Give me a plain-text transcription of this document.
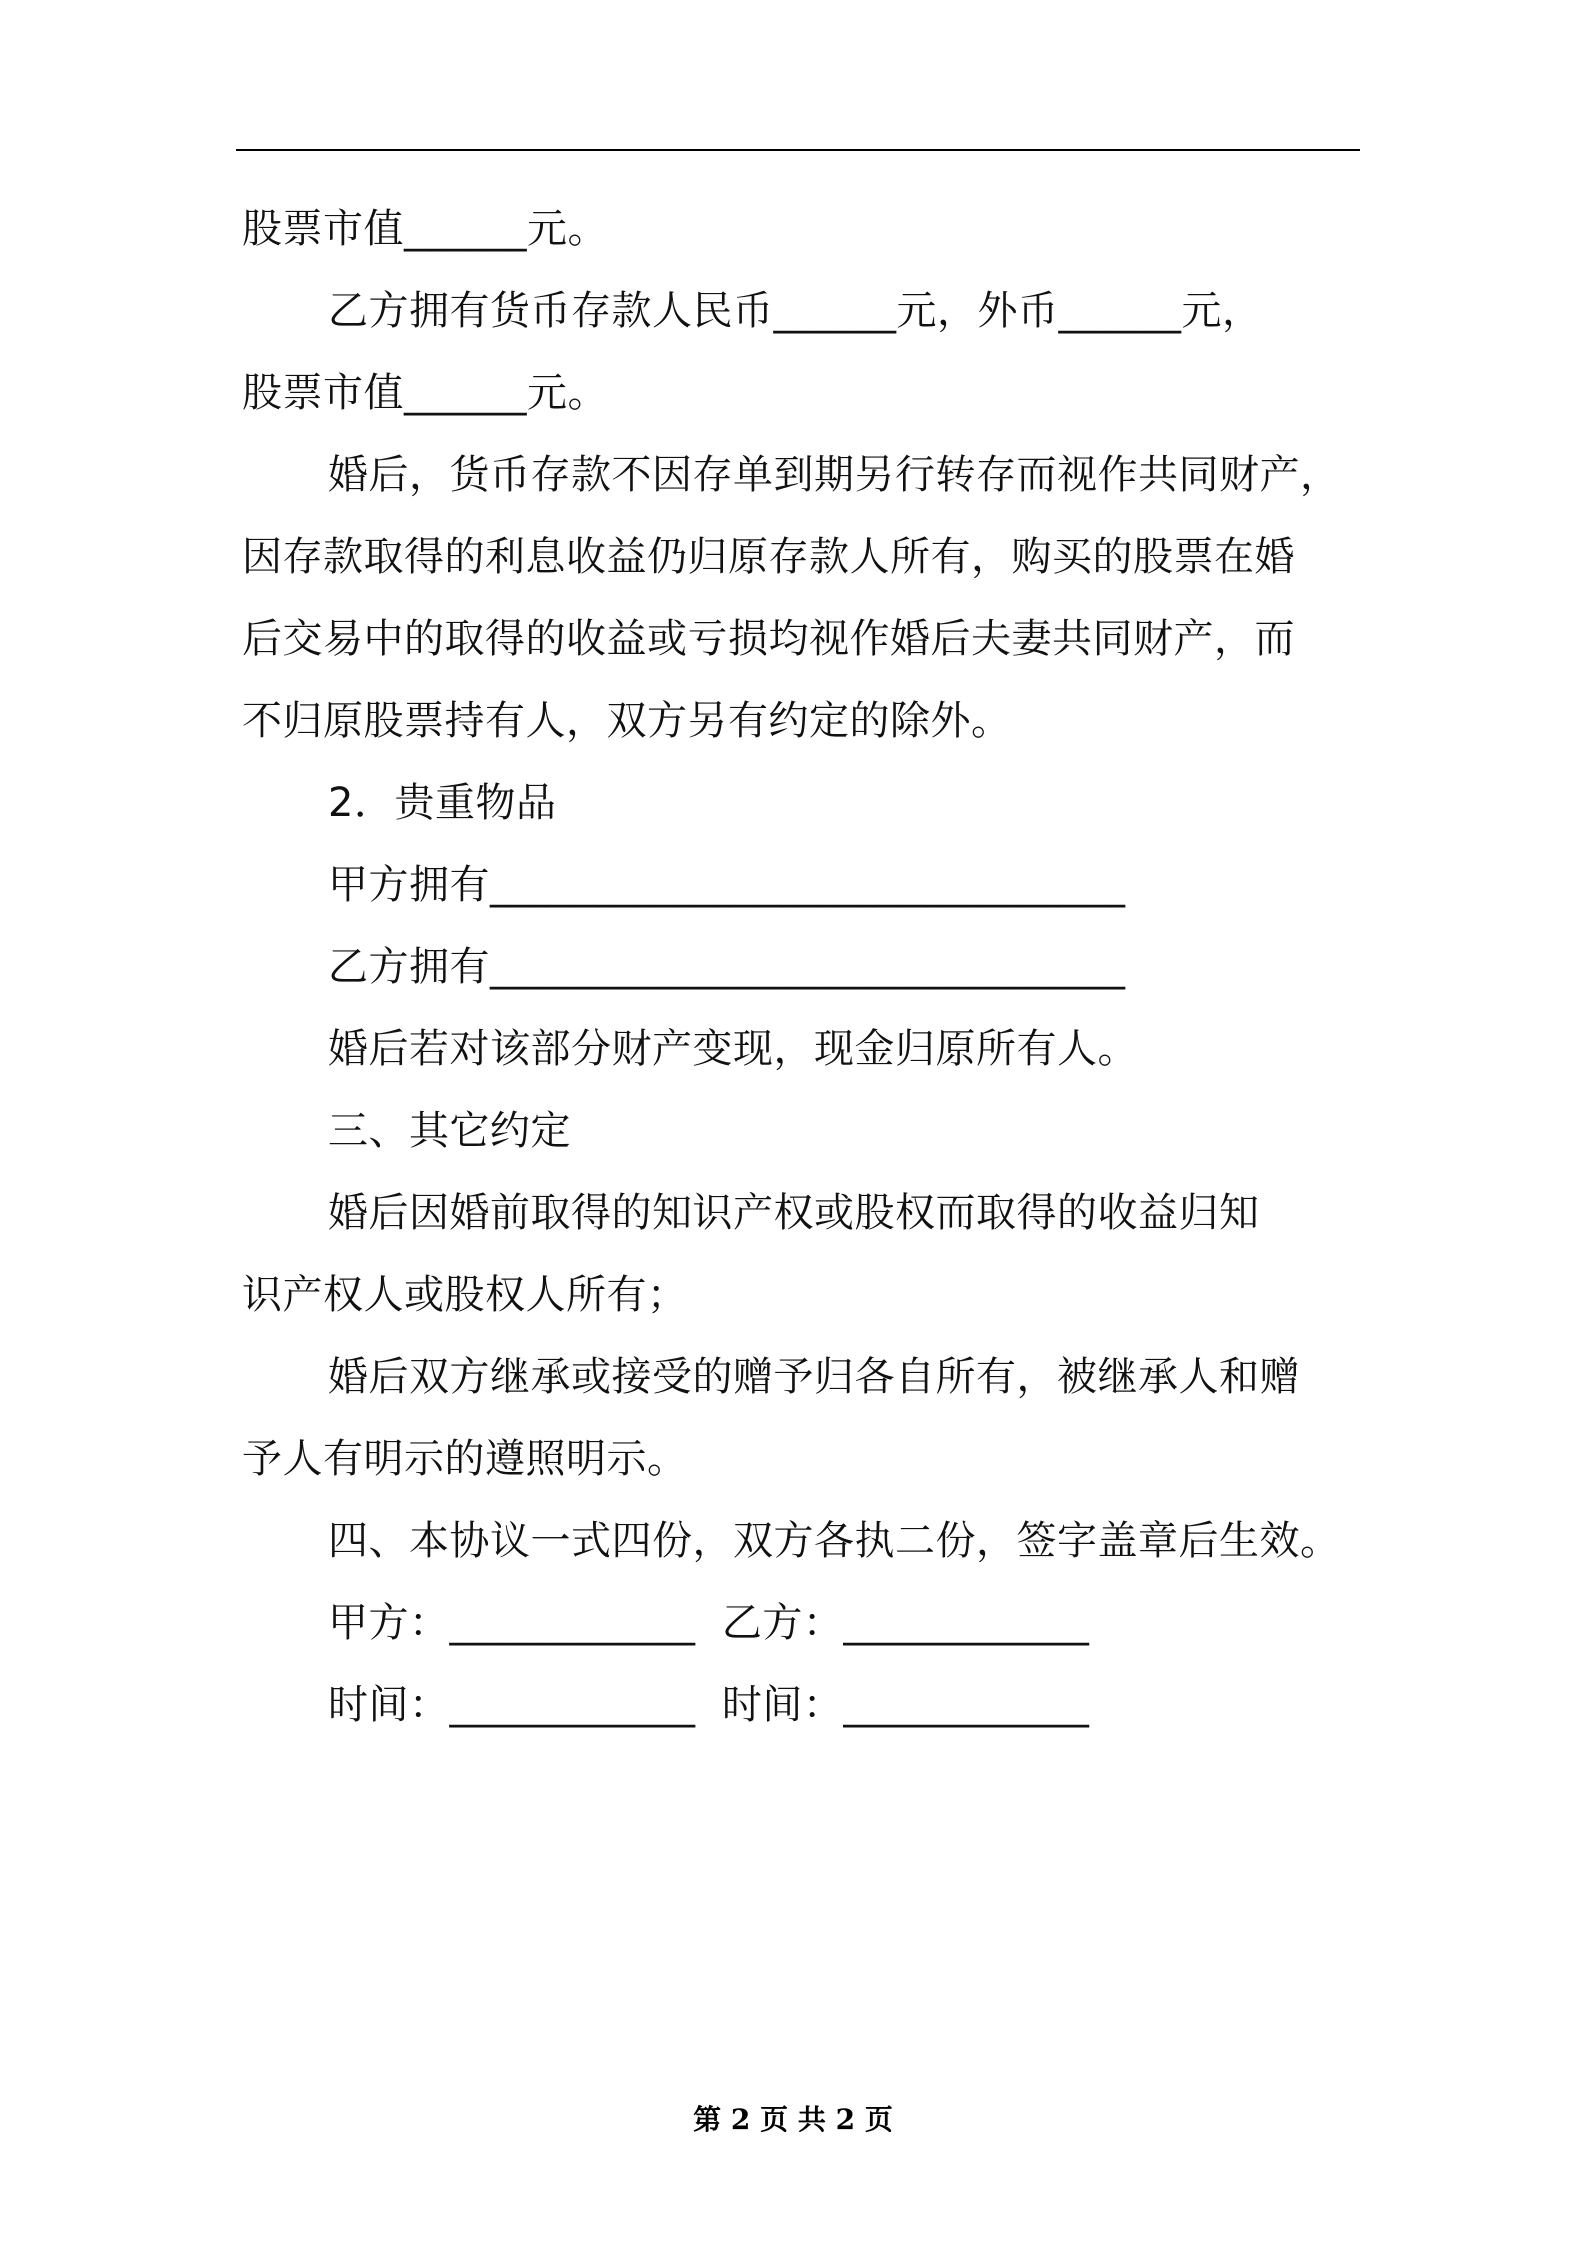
股票市值______元。
乙方拥有货币存款人民币______元，外币______元，
股票市值______元。
婚后，货币存款不因存单到期另行转存而视作共同财产，
因存款取得的利息收益仍归原存款人所有，购买的股票在婚
后交易中的取得的收益或亏损均视作婚后夫妻共同财产，而
不归原股票持有人，双方另有约定的除外。
2．贵重物品
甲方拥有_______________________________
乙方拥有_______________________________
婚后若对该部分财产变现，现金归原所有人。
三、其它约定
婚后因婚前取得的知识产权或股权而取得的收益归知
识产权人或股权人所有；
婚后双方继承或接受的赠予归各自所有，被继承人和赠
予人有明示的遵照明示。
四、本协议一式四份，双方各执二份，签字盖章后生效。
甲方：____________  乙方：____________
时间：____________  时间：____________
第 2 页 共 2 页
